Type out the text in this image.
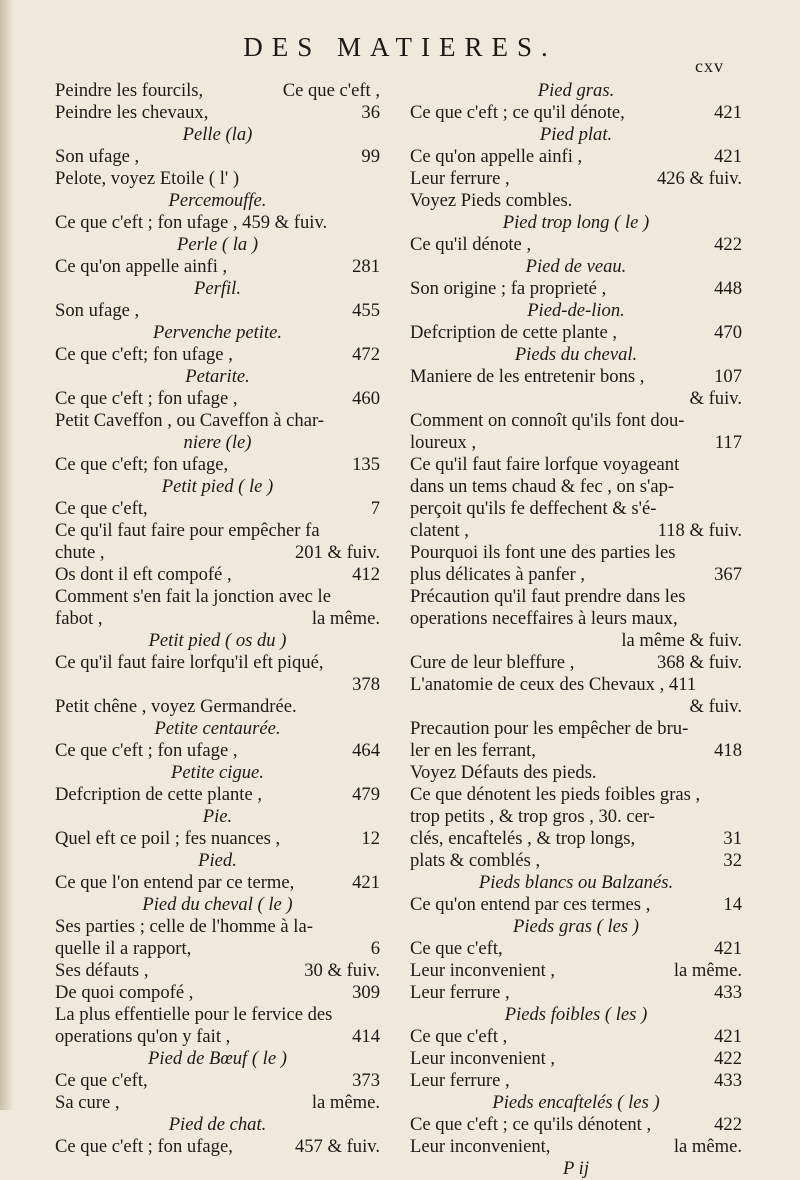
DES MATIERES.
cxv
Peindre les fourcils,	Ce que c'eft ,
Peindre les chevaux,	36
Pelle (la)
Son ufage ,	99
Pelote, voyez Etoile ( l' )
Percemouffe.
Ce que c'eft ; fon ufage , 459 & fuiv.
Perle ( la )
Ce qu'on appelle ainfi ,	281
Perfil.
Son ufage ,	455
Pervenche petite.
Ce que c'eft; fon ufage ,	472
Petarite.
Ce que c'eft ; fon ufage ,	460
Petit Caveffon , ou Caveffon à char-
niere (le)
Ce que c'eft; fon ufage,	135
Petit pied ( le )
Ce que c'eft,	7
Ce qu'il faut faire pour empêcher fa
chute ,	201 & fuiv.
Os dont il eft compofé ,	412
Comment s'en fait la jonction avec le
fabot ,	la même.
Petit pied ( os du )
Ce qu'il faut faire lorfqu'il eft piqué,
378
Petit chêne , voyez Germandrée.
Petite centaurée.
Ce que c'eft ; fon ufage ,	464
Petite cigue.
Defcription de cette plante ,	479
Pie.
Quel eft ce poil ; fes nuances ,	12
Pied.
Ce que l'on entend par ce terme,	421
Pied du cheval ( le )
Ses parties ; celle de l'homme à la-
quelle il a rapport,	6
Ses défauts ,	30 & fuiv.
De quoi compofé ,	309
La plus effentielle pour le fervice des
operations qu'on y fait ,	414
Pied de Bœuf ( le )
Ce que c'eft,	373
Sa cure ,	la même.
Pied de chat.
Ce que c'eft ; fon ufage,	457 & fuiv.
Pied gras.
Ce que c'eft ; ce qu'il dénote,	421
Pied plat.
Ce qu'on appelle ainfi ,	421
Leur ferrure ,	426 & fuiv.
Voyez Pieds combles.
Pied trop long ( le )
Ce qu'il dénote ,	422
Pied de veau.
Son origine ; fa proprieté ,	448
Pied-de-lion.
Defcription de cette plante ,	470
Pieds du cheval.
Maniere de les entretenir bons ,	107
& fuiv.
Comment on connoît qu'ils font dou-
loureux ,	117
Ce qu'il faut faire lorfque voyageant
dans un tems chaud & fec , on s'ap-
perçoit qu'ils fe deffechent & s'é-
clatent ,	118 & fuiv.
Pourquoi ils font une des parties les
plus délicates à panfer ,	367
Précaution qu'il faut prendre dans les
operations neceffaires à leurs maux,
la même & fuiv.
Cure de leur bleffure ,	368 & fuiv.
L'anatomie de ceux des Chevaux , 411
& fuiv.
Precaution pour les empêcher de bru-
ler en les ferrant,	418
Voyez Défauts des pieds.
Ce que dénotent les pieds foibles gras ,
trop petits , & trop gros , 30. cer-
clés, encaftelés , & trop longs,	31
plats & comblés ,	32
Pieds blancs ou Balzanés.
Ce qu'on entend par ces termes ,	14
Pieds gras ( les )
Ce que c'eft,	421
Leur inconvenient ,	la même.
Leur ferrure ,	433
Pieds foibles ( les )
Ce que c'eft ,	421
Leur inconvenient ,	422
Leur ferrure ,	433
Pieds encaftelés ( les )
Ce que c'eft ; ce qu'ils dénotent ,	422
Leur inconvenient,	la même.
P ij
